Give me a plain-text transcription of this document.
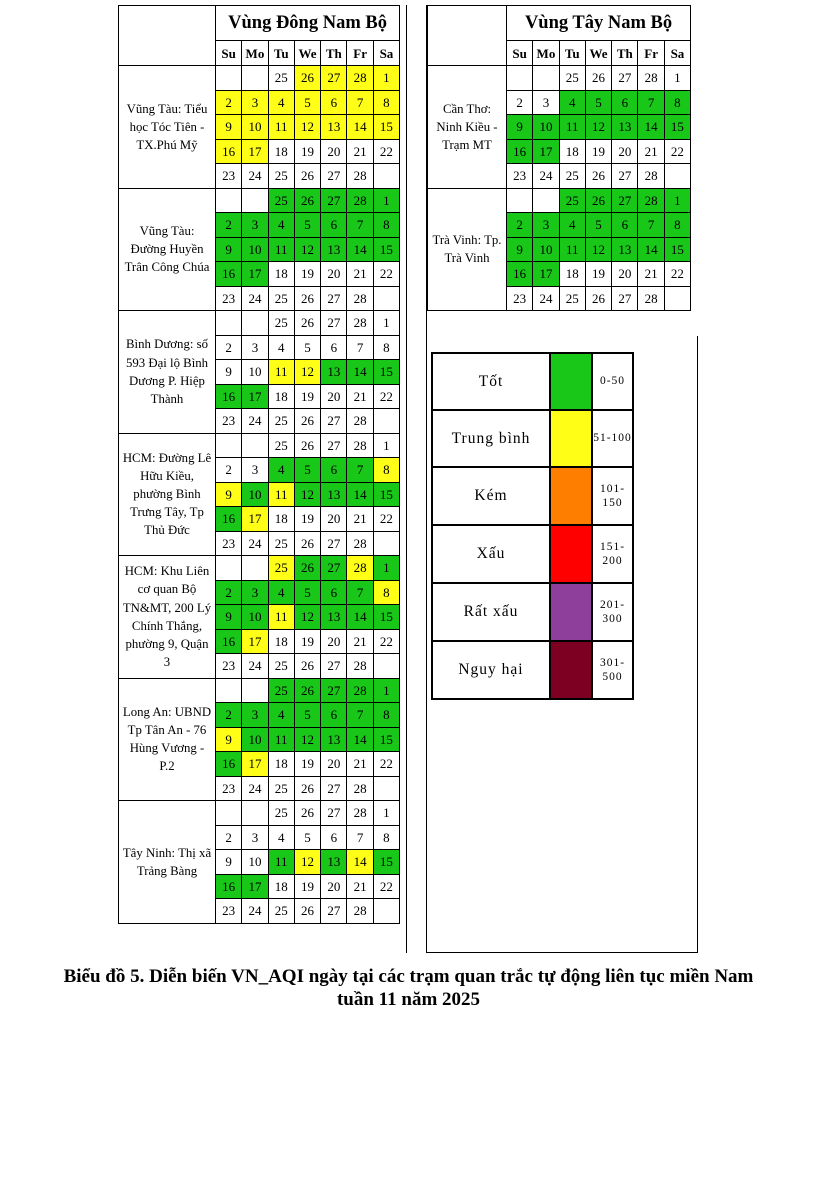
	Vùng Đông Nam Bộ						
	Su	Mo	Tu	We	Th	Fr	Sa
Vũng Tàu: Tiểu học Tóc Tiên - TX.Phú Mỹ			25	26	27	28	1
	2	3	4	5	6	7	8
	9	10	11	12	13	14	15
	16	17	18	19	20	21	22
	23	24	25	26	27	28	
Vũng Tàu: Đường Huyền Trân Công Chúa			25	26	27	28	1
	2	3	4	5	6	7	8
	9	10	11	12	13	14	15
	16	17	18	19	20	21	22
	23	24	25	26	27	28	
Bình Dương: số 593 Đại lộ Bình Dương P. Hiệp Thành			25	26	27	28	1
	2	3	4	5	6	7	8
	9	10	11	12	13	14	15
	16	17	18	19	20	21	22
	23	24	25	26	27	28	
HCM: Đường Lê Hữu Kiều, phường Bình Trưng Tây, Tp Thủ Đức			25	26	27	28	1
	2	3	4	5	6	7	8
	9	10	11	12	13	14	15
	16	17	18	19	20	21	22
	23	24	25	26	27	28	
HCM: Khu Liên cơ quan Bộ TN&MT, 200 Lý Chính Thắng, phường 9, Quận 3			25	26	27	28	1
	2	3	4	5	6	7	8
	9	10	11	12	13	14	15
	16	17	18	19	20	21	22
	23	24	25	26	27	28	
Long An: UBND Tp Tân An - 76 Hùng Vương - P.2			25	26	27	28	1
	2	3	4	5	6	7	8
	9	10	11	12	13	14	15
	16	17	18	19	20	21	22
	23	24	25	26	27	28	
Tây Ninh: Thị xã Trảng Bàng			25	26	27	28	1
	2	3	4	5	6	7	8
	9	10	11	12	13	14	15
	16	17	18	19	20	21	22
	23	24	25	26	27	28	
	Vùng Tây Nam Bộ						
	Su	Mo	Tu	We	Th	Fr	Sa
Cần Thơ: Ninh Kiều - Trạm MT			25	26	27	28	1
	2	3	4	5	6	7	8
	9	10	11	12	13	14	15
	16	17	18	19	20	21	22
	23	24	25	26	27	28	
Trà Vinh: Tp. Trà Vinh			25	26	27	28	1
	2	3	4	5	6	7	8
	9	10	11	12	13	14	15
	16	17	18	19	20	21	22
	23	24	25	26	27	28	
Tốt		0-50
Trung bình		51-100
Kém		101-150
Xấu		151-200
Rất xấu		201-300
Nguy hại		301-500
Biểu đồ 5. Diễn biến VN_AQI ngày tại các trạm quan trắc tự động liên tục miền Nam
tuần 11 năm 2025
